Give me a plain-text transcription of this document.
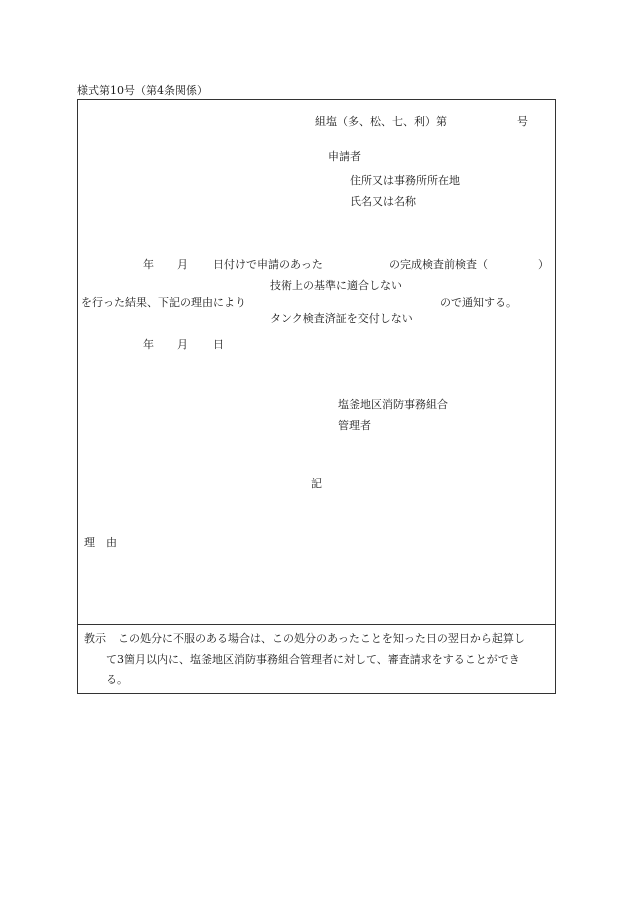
様式第10号（第4条関係）
組塩（多、松、七、利）第	号
申請者
住所又は事務所所在地
氏名又は名称
年 月 日付けで申請のあった	の完成検査前検査（	）
技術上の基準に適合しない
を行った結果、下記の理由により	ので通知する。
タンク検査済証を交付しない
年 月 日
塩釜地区消防事務組合
管理者
記
理　由
教示 この処分に不服のある場合は、この処分のあったことを知った日の翌日から起算し
て3箇月以内に、塩釜地区消防事務組合管理者に対して、審査請求をすることができ
る。
